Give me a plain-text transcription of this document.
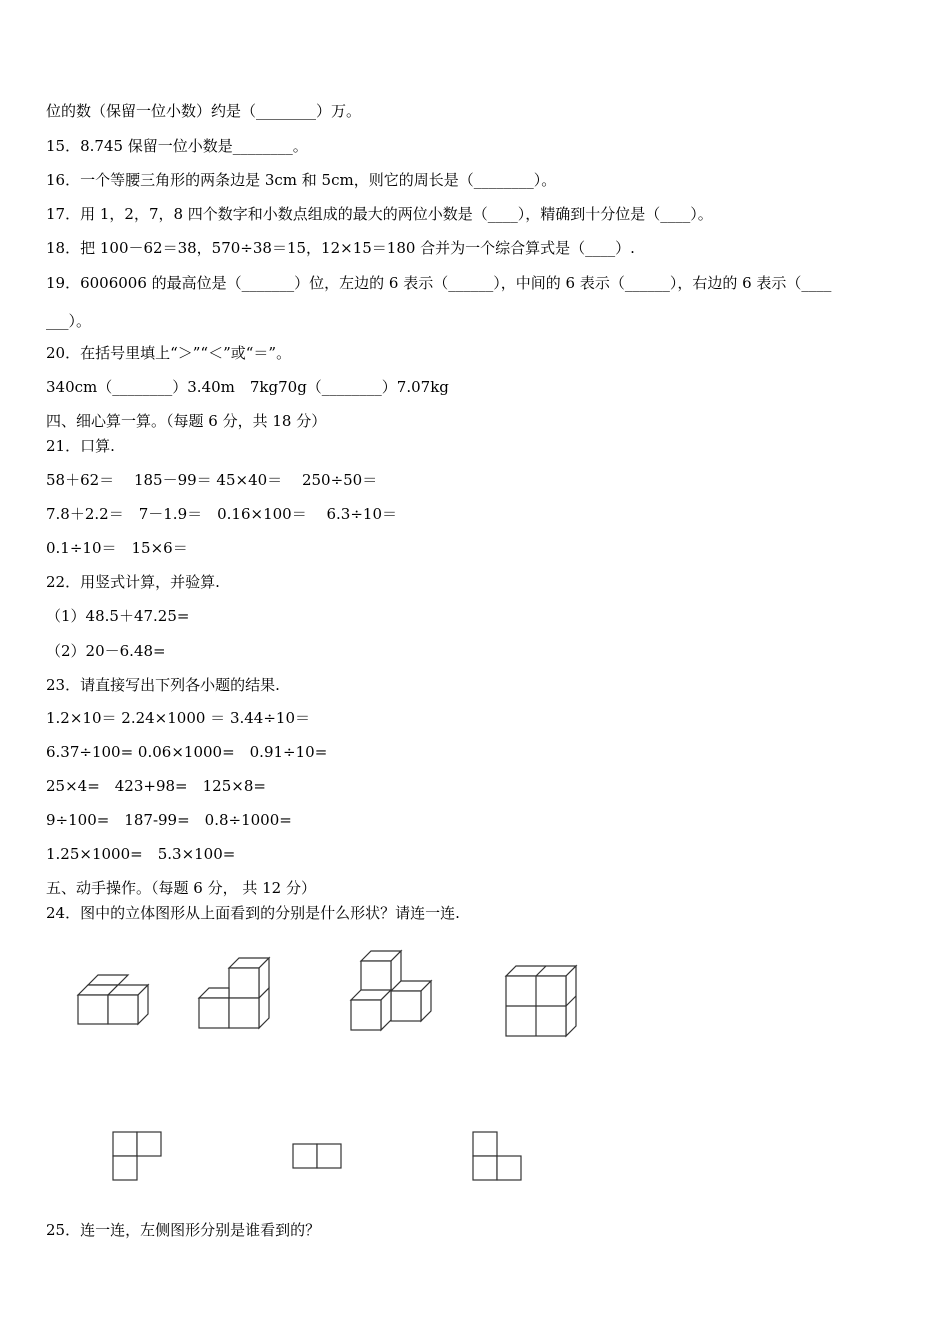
位的数（保留一位小数）约是（________）万。
15．8.745 保留一位小数是________。
16．一个等腰三角形的两条边是 3cm 和 5cm，则它的周长是（________）。
17．用 1，2，7，8 四个数字和小数点组成的最大的两位小数是（____），精确到十分位是（____）。
18．把 100－62＝38，570÷38＝15，12×15＝180 合并为一个综合算式是（____）.
19．6006006 的最高位是（_______）位，左边的 6 表示（______），中间的 6 表示（______），右边的 6 表示（____
___）。
20．在括号里填上“＞”“＜”或“＝”。
340cm（________）3.40m　7kg70g（________）7.07kg
四、细心算一算。（每题 6 分，共 18 分）
21．口算.
58＋62＝　 185－99＝ 45×40＝　 250÷50＝
7.8＋2.2＝　7－1.9＝　0.16×100＝　 6.3÷10＝
0.1÷10＝　15×6＝
22．用竖式计算，并验算.
（1）48.5＋47.25=
（2）20－6.48=
23．请直接写出下列各小题的结果.
1.2×10＝ 2.24×1000 ＝ 3.44÷10＝
6.37÷100= 0.06×1000=　0.91÷10=
25×4=　423+98=　125×8=
9÷100=　187-99=　0.8÷1000=
1.25×1000=　5.3×100=
五、动手操作。（每题 6 分， 共 12 分）
24．图中的立体图形从上面看到的分别是什么形状？请连一连.
25．连一连，左侧图形分别是谁看到的？
